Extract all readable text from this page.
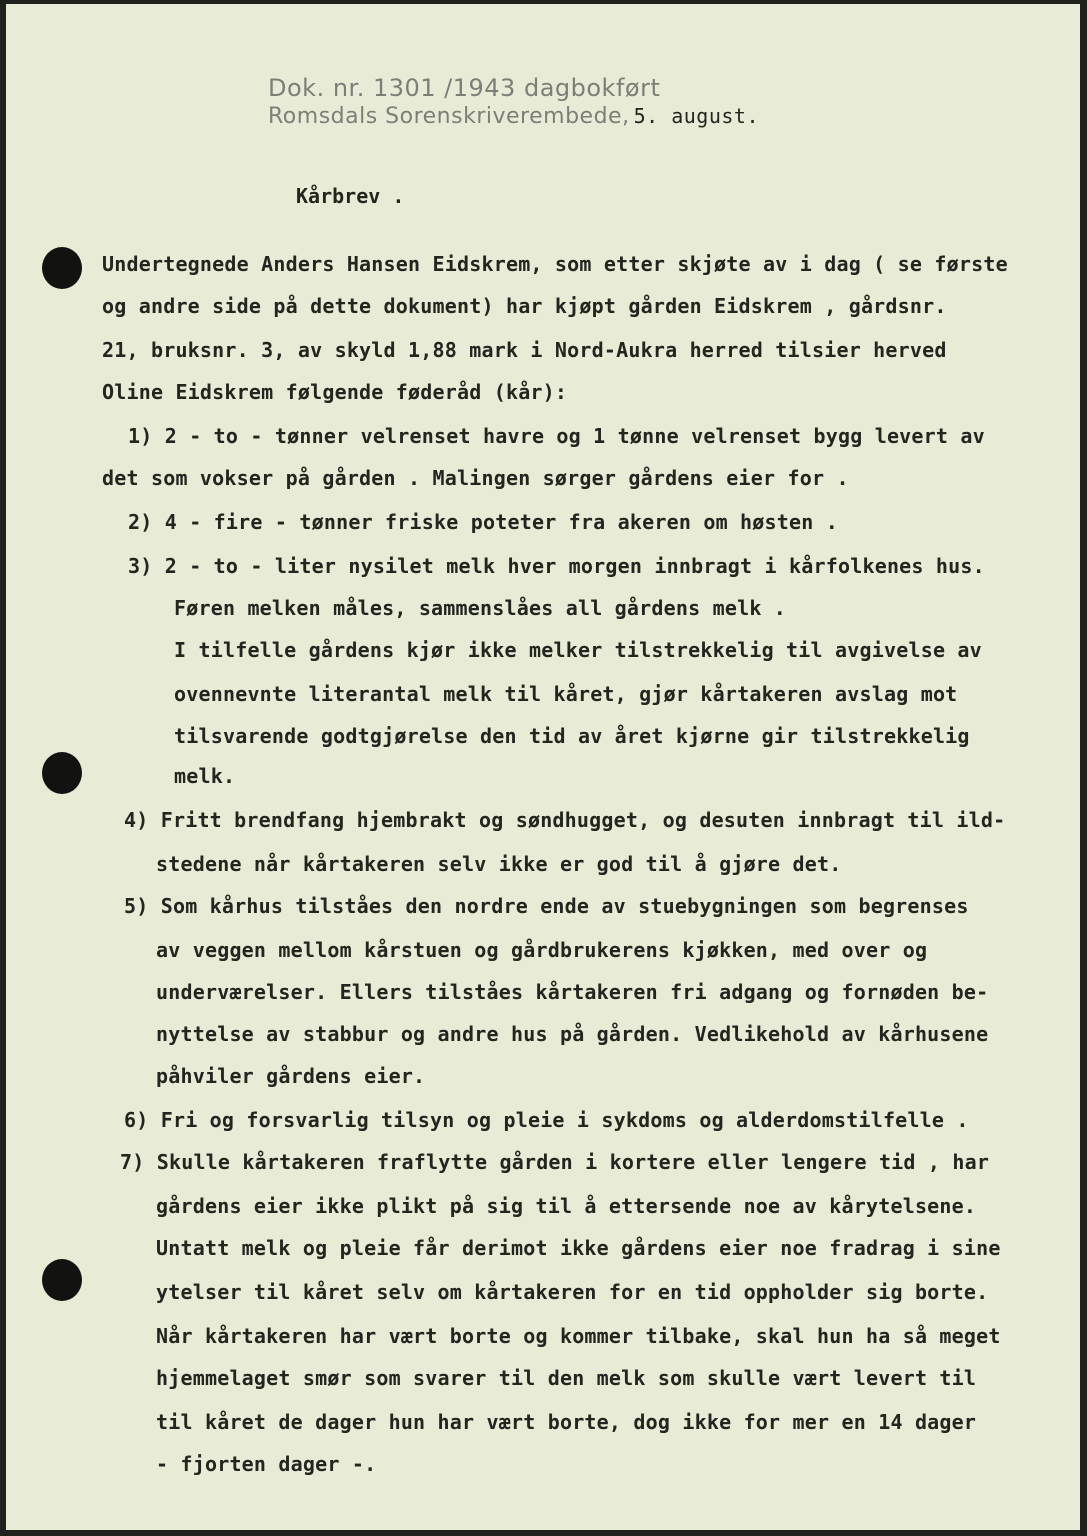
Dok. nr. 1301 /1943 dagbokført
Romsdals Sorenskriverembede, 5. august.
Kårbrev .
Undertegnede Anders Hansen Eidskrem, som etter skjøte av i dag ( se første
og andre side på dette dokument) har kjøpt gården Eidskrem , gårdsnr.
21, bruksnr. 3, av skyld 1,88 mark i Nord-Aukra herred tilsier herved
Oline Eidskrem følgende føderåd (kår):
1) 2 - to - tønner velrenset havre og 1 tønne velrenset bygg levert av
det som vokser på gården . Malingen sørger gårdens eier for .
2) 4 - fire - tønner friske poteter fra akeren om høsten .
3) 2 - to - liter nysilet melk hver morgen innbragt i kårfolkenes hus.
Føren melken måles, sammenslåes all gårdens melk .
I tilfelle gårdens kjør ikke melker tilstrekkelig til avgivelse av
ovennevnte literantal melk til kåret, gjør kårtakeren avslag mot
tilsvarende godtgjørelse den tid av året kjørne gir tilstrekkelig
melk.
4) Fritt brendfang hjembrakt og søndhugget, og desuten innbragt til ild-
stedene når kårtakeren selv ikke er god til å gjøre det.
5) Som kårhus tilståes den nordre ende av stuebygningen som begrenses
av veggen mellom kårstuen og gårdbrukerens kjøkken, med over og
underværelser. Ellers tilståes kårtakeren fri adgang og fornøden be-
nyttelse av stabbur og andre hus på gården. Vedlikehold av kårhusene
påhviler gårdens eier.
6) Fri og forsvarlig tilsyn og pleie i sykdoms og alderdomstilfelle .
7) Skulle kårtakeren fraflytte gården i kortere eller lengere tid , har
gårdens eier ikke plikt på sig til å ettersende noe av kårytelsene.
Untatt melk og pleie får derimot ikke gårdens eier noe fradrag i sine
ytelser til kåret selv om kårtakeren for en tid oppholder sig borte.
Når kårtakeren har vært borte og kommer tilbake, skal hun ha så meget
hjemmelaget smør som svarer til den melk som skulle vært levert til
til kåret de dager hun har vært borte, dog ikke for mer en 14 dager
- fjorten dager -.
